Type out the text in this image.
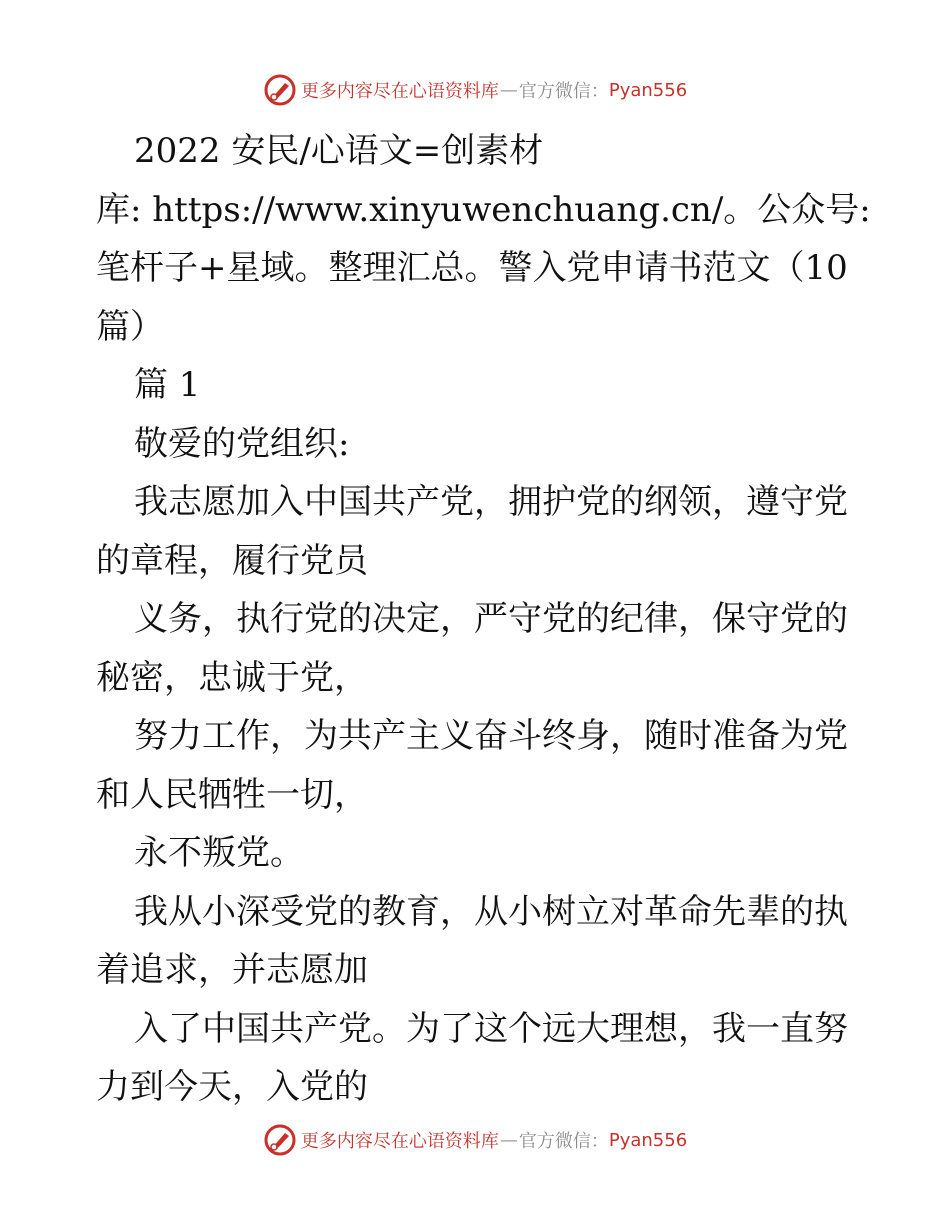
更多内容尽在心语资料库 — 官方微信： Pyan556
2022 安民/心语文=创素材
库: https://www.xinyuwenchuang.cn/。公众号:
笔杆子+星域。整理汇总。警入党申请书范文（10
篇）
篇 1
敬爱的党组织:
我志愿加入中国共产党，拥护党的纲领，遵守党
的章程，履行党员
义务，执行党的决定，严守党的纪律，保守党的
秘密，忠诚于党，
努力工作，为共产主义奋斗终身，随时准备为党
和人民牺牲一切，
永不叛党。
我从小深受党的教育，从小树立对革命先辈的执
着追求，并志愿加
入了中国共产党。为了这个远大理想，我一直努
力到今天，入党的
更多内容尽在心语资料库 — 官方微信： Pyan556
